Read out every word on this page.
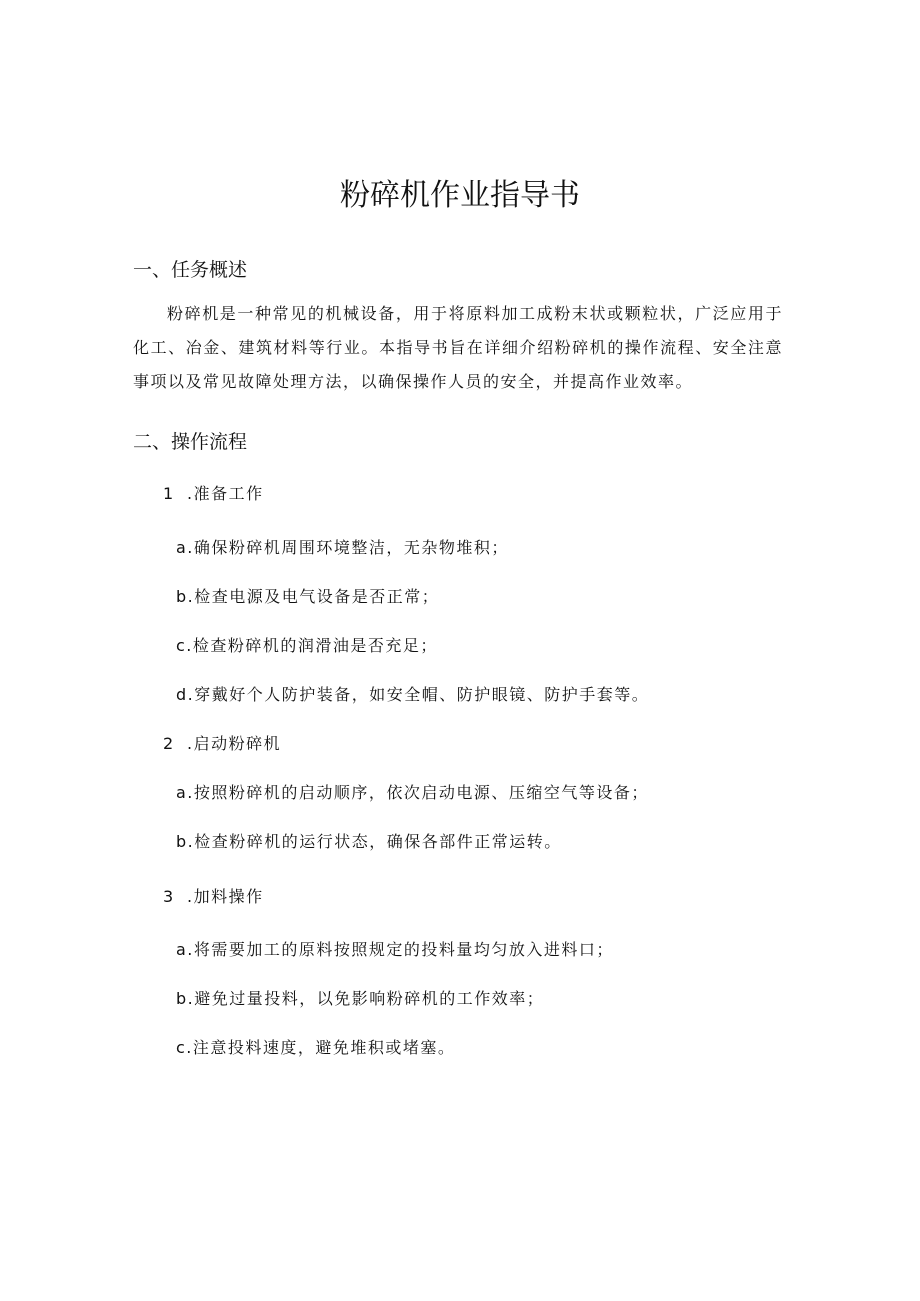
粉碎机作业指导书
一、任务概述

粉碎机是一种常见的机械设备，用于将原料加工成粉末状或颗粒状，广泛应用于化工、冶金、建筑材料等行业。本指导书旨在详细介绍粉碎机的操作流程、安全注意事项以及常见故障处理方法，以确保操作人员的安全，并提高作业效率。

二、操作流程

1 .准备工作

a.确保粉碎机周围环境整洁，无杂物堆积；

b.检查电源及电气设备是否正常；

c.检查粉碎机的润滑油是否充足；

d.穿戴好个人防护装备，如安全帽、防护眼镜、防护手套等。

2 .启动粉碎机

a.按照粉碎机的启动顺序，依次启动电源、压缩空气等设备；

b.检查粉碎机的运行状态，确保各部件正常运转。

3 .加料操作

a.将需要加工的原料按照规定的投料量均匀放入进料口；

b.避免过量投料，以免影响粉碎机的工作效率；

c.注意投料速度，避免堆积或堵塞。
